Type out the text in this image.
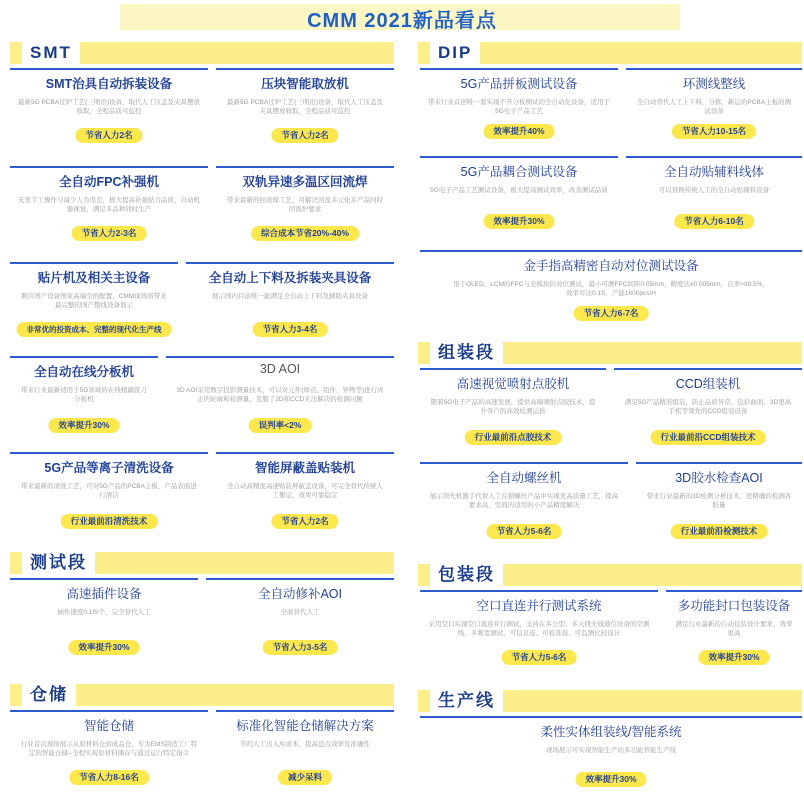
CMM 2021新品看点
SMT
SMT治具自动拆装设备
最新5G PCBA过炉工艺(三明治)设备，取代人工压盖及夹具摆放收取，全程品质可监控
节省人力2名
压块智能取放机
最新5G PCBA过炉工艺(三明治)设备，取代人工压盖及夹具摆放收取，全程品质可监控
节省人力2名
全自动FPC补强机
无需手工操作与减少人为误差，极大提高补强贴合品质，自动机器视觉，满足多品种同时生产
节省人力2-3名
双轨异速多温区回流焊
带来最新的回流焊工艺，可解决回流多元化多产品同时回流炉要求
综合成本节省20%-40%
贴片机及相关主设备
顺应国产设备国家高端全的配置，CMM现场将带来最完整的国产整线设备展示
非常优的投资成本、完整的现代化生产线
全自动上下料及拆装夹具设备
展示国内目前唯一能满足全自动上下料及辅助夹具设备
节省人力3-4名
全自动在线分板机
带来行业最新适用于5G领域的在线精确铣刀分板机
效率提升30%
3D AOI
3D AOI采用数字投影测量技术，可以对元件(焊点、组件、异物等)进行真正的轮廓和检测量，克服了2D和CCD无法解决的检测问题
误判率<2%
5G产品等离子清洗设备
带来最新的清洗工艺，可对5G产品的PCBA主板、产品表面进行清洁
行业最前沿清洗技术
智能屏蔽盖贴装机
全自动高精度高速贴装屏蔽盖设备，可完全替代传统人工搬运，效果可靠稳定
节省人力2名
测试段
高速插件设备
插件速度0.1S/个，完全替代人工
效率提升30%
全自动修补AOI
全面替代人工
节省人力3-5名
仓储
智能仓储
行业首次现场展示从原材料仓到成品仓，专为EMS制造工厂特定的智能仓储--全程实现原材料储存与通过运行特定指令
节省人力8-16名
标准化智能仓储解决方案
节约人工出入库成本，提高盘点效率及准确性
减少呆料
DIP
5G产品拼板测试设备
带来行业首创唯一套实现不开分板测试的全自动化设备，适用于5G电子产品工艺
效率提升40%
环测线整线
全自动替代人工上下料、分拣，新运的PCBA主板的测试设备
节省人力10-15名
5G产品耦合测试设备
5G电子产品工艺测试设备，极大提高测试效率，改善测试品质
效率提升30%
全自动贴辅料线体
可以替换传统人工的全自动贴辅料设备
节省人力6-10名
金手指高精密自动对位测试设备
用于OLED、LCM的FPC与光模块的对位测试，最小可测FPC间距0.05mm，精度达±0.005mm，良率>99.5%，效率可达0.1S，产能1600pcs/H
节省人力6-7名
组装段
高速视觉喷射点胶机
随着5G电子产品的高速发展，提供高端喷射点胶技术，提升客户的高效检测运转
行业最前沿点胶技术
CCD组装机
满足5G产品精准组装，防止品质异常，包括曲面、3D更高手机等领先的CCD组装设备
行业最前沿CCD组装技术
全自动螺丝机
展示领先机器手代替人工在锁螺丝产品中实现更高质量工艺，提高要求高，空间的适用的小产品精度解决
节省人力5-6名
3D胶水检查AOI
带来行业最新的3D检测分析技术，更精确的检测各胶量
行业最前沿检测技术
包装段
空口直连并行测试系统
采用空口实现空口直连并行测试，支持在多公型、多天线无线通信设备的空测线，多频宽测试，可信息连、可检准接、可监测比较设计
节省人力5-6名
多功能封口包装设备
满足行业最新的自动包装设计要求，效率更高
效率提升30%
生产线
柔性实体组装线/智能系统
现场展示可实现智能生产的多功能智能生产线
效率提升30%
